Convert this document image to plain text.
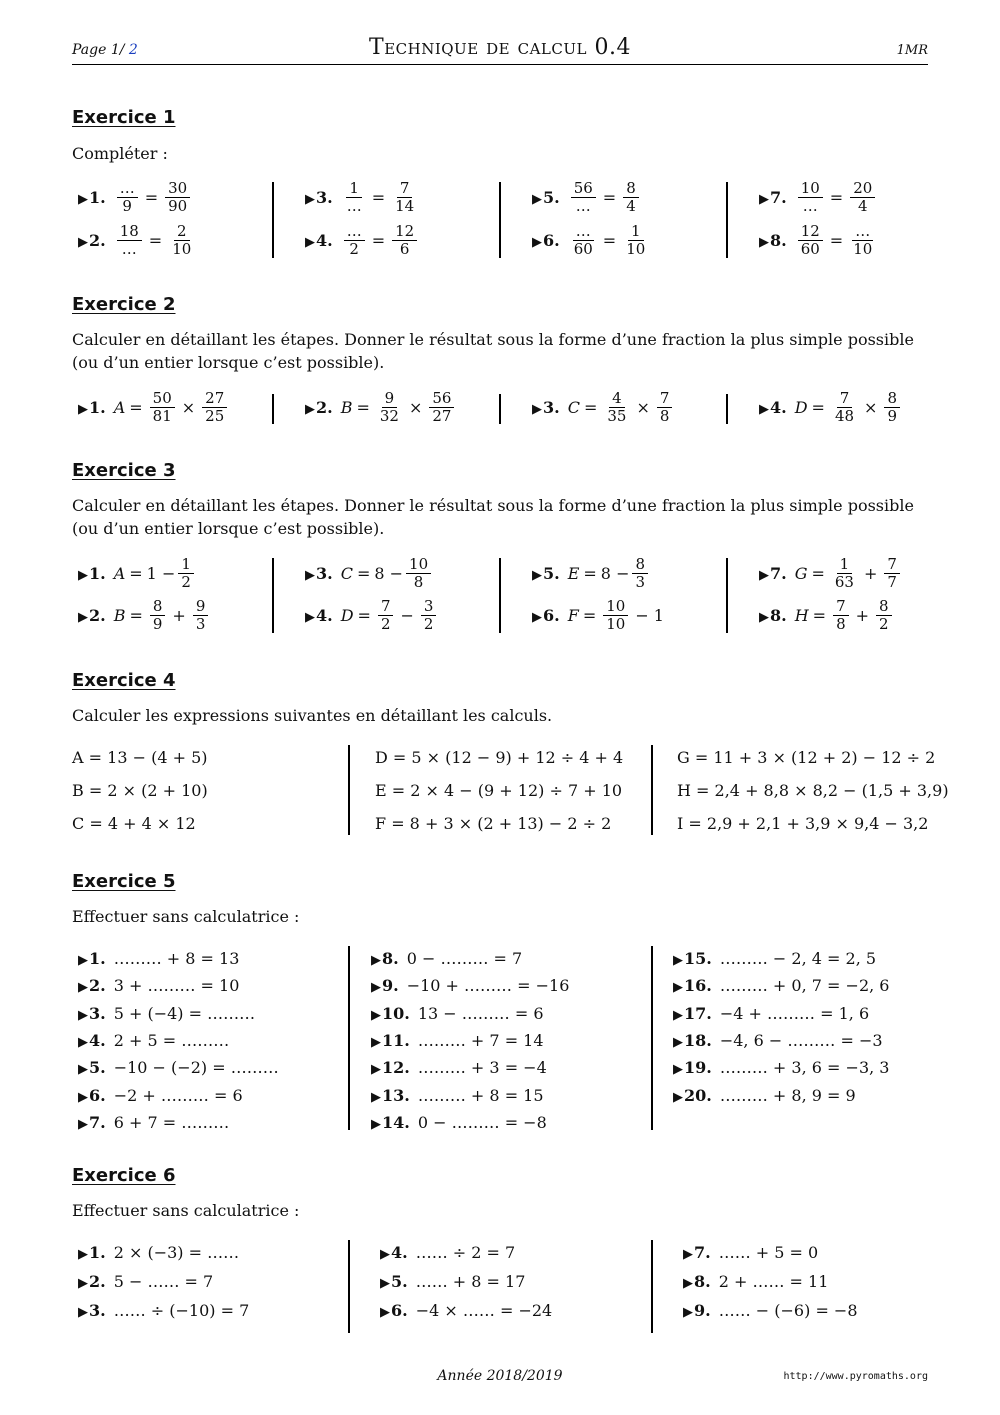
Page 1/ 2	Technique de calcul 0.4	1MR
Exercice 1
Compléter :
Exercice 2
Calculer en détaillant les étapes. Donner le résultat sous la forme d’une fraction la plus simple possible (ou d’un entier lorsque c’est possible).
Exercice 3
Calculer en détaillant les étapes. Donner le résultat sous la forme d’une fraction la plus simple possible (ou d’un entier lorsque c’est possible).
Exercice 4
Calculer les expressions suivantes en détaillant les calculs.
Exercice 5
Effectuer sans calculatrice :
Exercice 6
Effectuer sans calculatrice :
Année 2018/2019	http://www.pyromaths.org
▶1. $\frac{\dots}{9} = \frac{30}{90}$
▶2. $\frac{18}{\dots} = \frac{2}{10}$
▶3. $\frac{1}{\dots} = \frac{7}{14}$
▶4. $\frac{\dots}{2} = \frac{12}{6}$
▶5. $\frac{56}{\dots} = \frac{8}{4}$
▶6. $\frac{\dots}{60} = \frac{1}{10}$
▶7. $\frac{10}{\dots} = \frac{20}{4}$
▶8. $\frac{12}{60} = \frac{\dots}{10}$
▶1. $A = \frac{50}{81} \times \frac{27}{25}$	▶2. $B = \frac{9}{32} \times \frac{56}{27}$	▶3. $C = \frac{4}{35} \times \frac{7}{8}$	▶4. $D = \frac{7}{48} \times \frac{8}{9}$
▶1. $A = 1 - \frac{1}{2}$
▶2. $B = \frac{8}{9} + \frac{9}{3}$
▶3. $C = 8 - \frac{10}{8}$
▶4. $D = \frac{7}{2} - \frac{3}{2}$
▶5. $E = 8 - \frac{8}{3}$
▶6. $F = \frac{10}{10} - 1$
▶7. $G = \frac{1}{63} + \frac{7}{7}$
▶8. $H = \frac{7}{8} + \frac{8}{2}$
A = 13 − (4 + 5)
B = 2 × (2 + 10)
C = 4 + 4 × 12
D = 5 × (12 − 9) + 12 ÷ 4 + 4
E = 2 × 4 − (9 + 12) ÷ 7 + 10
F = 8 + 3 × (2 + 13) − 2 ÷ 2
G = 11 + 3 × (12 + 2) − 12 ÷ 2
H = 2,4 + 8,8 × 8,2 − (1,5 + 3,9)
I = 2,9 + 2,1 + 3,9 × 9,4 − 3,2
▶1. ……… + 8 = 13
▶2. 3 + ……… = 10
▶3. 5 + (−4) = ………
▶4. 2 + 5 = ………
▶5. −10 − (−2) = ………
▶6. −2 + ……… = 6
▶7. 6 + 7 = ………
▶8. 0 − ……… = 7
▶9. −10 + ……… = −16
▶10. 13 − ……… = 6
▶11. ……… + 7 = 14
▶12. ……… + 3 = −4
▶13. ……… + 8 = 15
▶14. 0 − ……… = −8
▶15. ……… − 2, 4 = 2, 5
▶16. ……… + 0, 7 = −2, 6
▶17. −4 + ……… = 1, 6
▶18. −4, 6 − ……… = −3
▶19. ……… + 3, 6 = −3, 3
▶20. ……… + 8, 9 = 9
▶1. 2 × (−3) = ……
▶2. 5 − …… = 7
▶3. …… ÷ (−10) = 7
▶4. …… ÷ 2 = 7
▶5. …… + 8 = 17
▶6. −4 × …… = −24
▶7. …… + 5 = 0
▶8. 2 + …… = 11
▶9. …… − (−6) = −8
